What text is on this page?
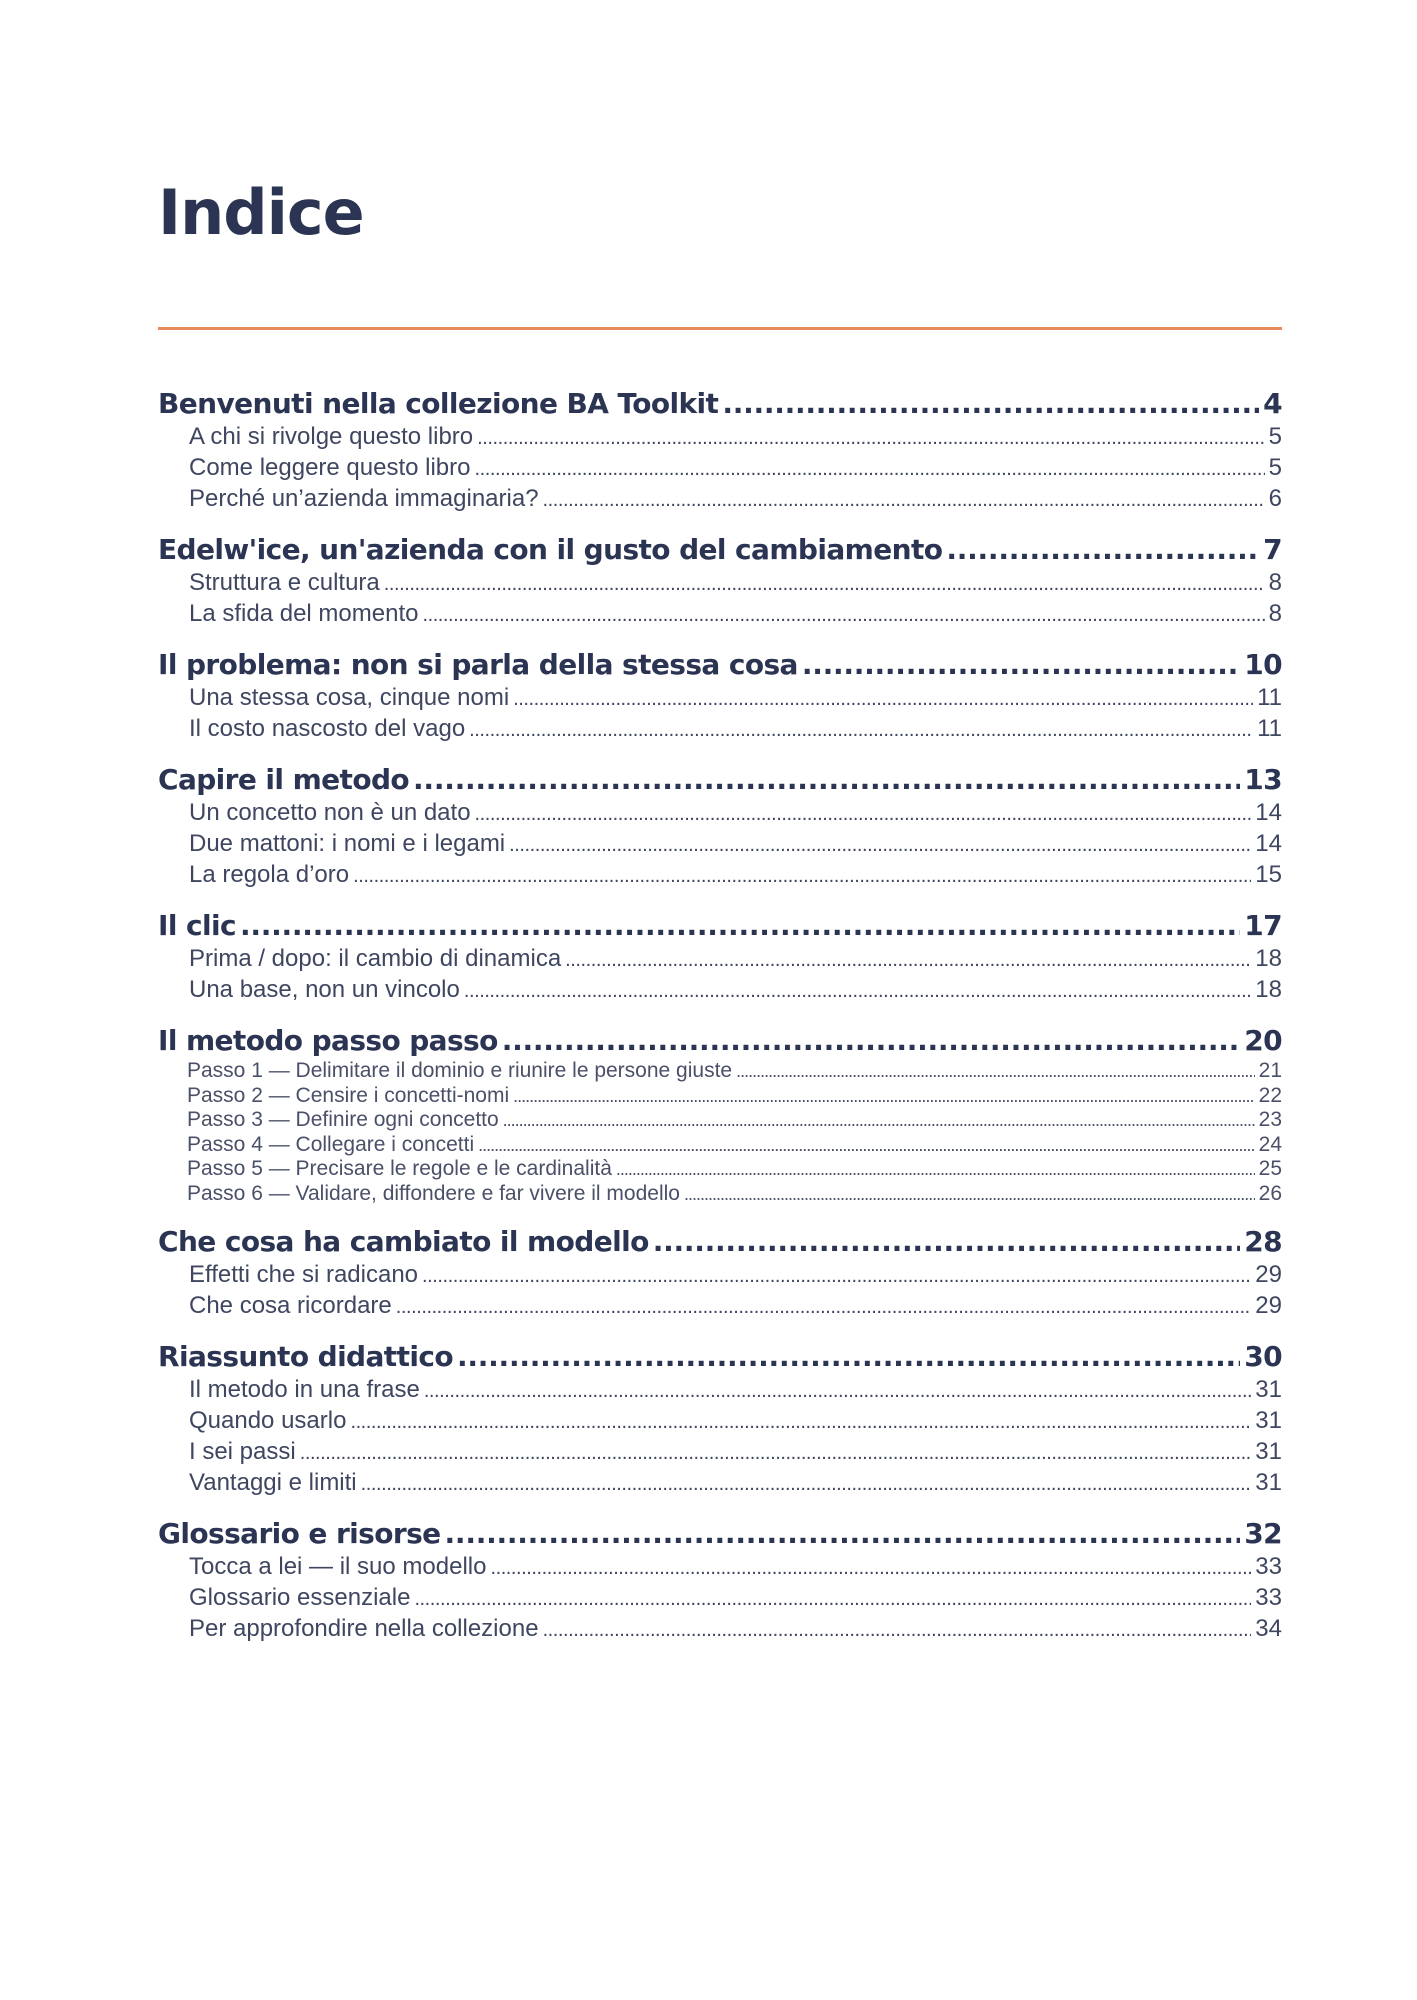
Indice
Benvenuti nella collezione BA Toolkit . . .	4
A chi si rivolge questo libro . . .	5
Come leggere questo libro . . .	5
Perché un’azienda immaginaria? . . .	6
Edelw'ice, un'azienda con il gusto del cambiamento . . .	7
Struttura e cultura . . .	8
La sfida del momento . . .	8
Il problema: non si parla della stessa cosa . . .	10
Una stessa cosa, cinque nomi . . .	11
Il costo nascosto del vago . . .	11
Capire il metodo . . .	13
Un concetto non è un dato . . .	14
Due mattoni: i nomi e i legami . . .	14
La regola d’oro . . .	15
Il clic . . .	17
Prima / dopo: il cambio di dinamica . . .	18
Una base, non un vincolo . . .	18
Il metodo passo passo . . .	20
Passo 1 — Delimitare il dominio e riunire le persone giuste . . .	21
Passo 2 — Censire i concetti-nomi . . .	22
Passo 3 — Definire ogni concetto . . .	23
Passo 4 — Collegare i concetti . . .	24
Passo 5 — Precisare le regole e le cardinalità . . .	25
Passo 6 — Validare, diffondere e far vivere il modello . . .	26
Che cosa ha cambiato il modello . . .	28
Effetti che si radicano . . .	29
Che cosa ricordare . . .	29
Riassunto didattico . . .	30
Il metodo in una frase . . .	31
Quando usarlo . . .	31
I sei passi . . .	31
Vantaggi e limiti . . .	31
Glossario e risorse . . .	32
Tocca a lei — il suo modello . . .	33
Glossario essenziale . . .	33
Per approfondire nella collezione . . .	34
